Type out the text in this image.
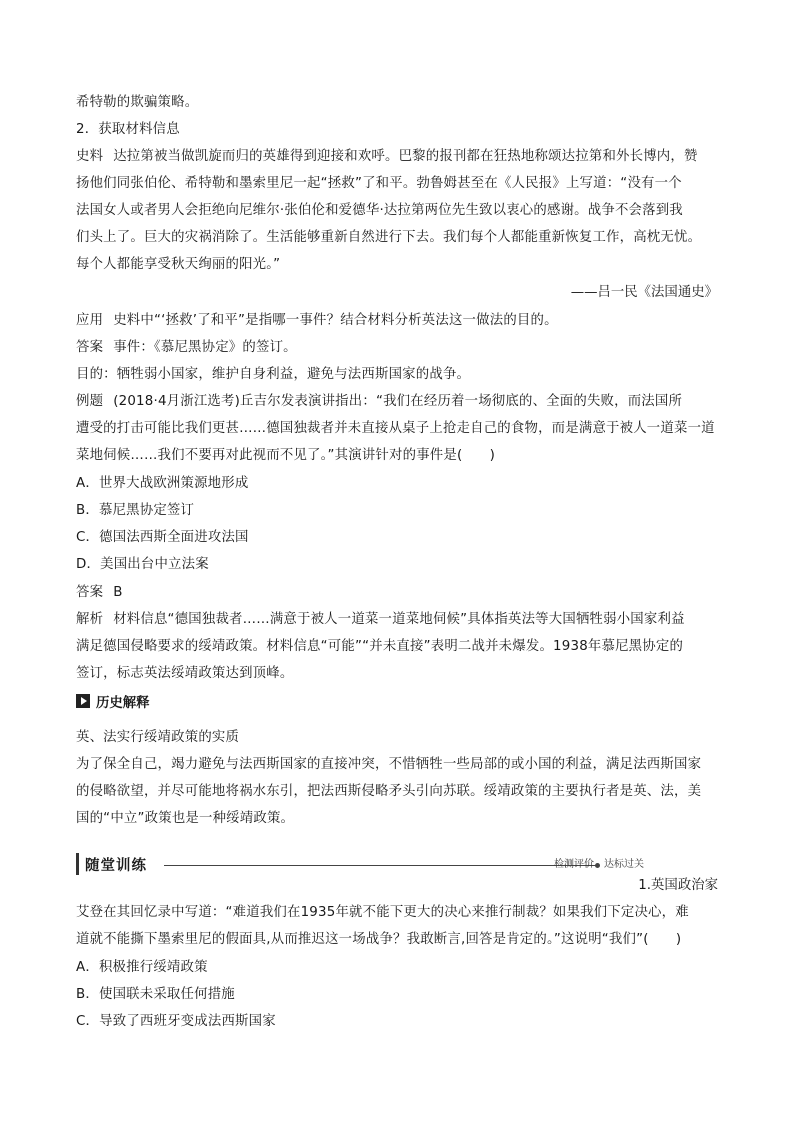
希特勒的欺骗策略。
2．获取材料信息
史料 达拉第被当做凯旋而归的英雄得到迎接和欢呼。巴黎的报刊都在狂热地称颂达拉第和外长博内，赞
扬他们同张伯伦、希特勒和墨索里尼一起“拯救”了和平。勃鲁姆甚至在《人民报》上写道：“没有一个
法国女人或者男人会拒绝向尼维尔·张伯伦和爱德华·达拉第两位先生致以衷心的感谢。战争不会落到我
们头上了。巨大的灾祸消除了。生活能够重新自然进行下去。我们每个人都能重新恢复工作，高枕无忧。
每个人都能享受秋天绚丽的阳光。”
——吕一民《法国通史》
应用 史料中“‘拯救’了和平”是指哪一事件？结合材料分析英法这一做法的目的。
答案 事件：《慕尼黑协定》的签订。
目的：牺牲弱小国家，维护自身利益，避免与法西斯国家的战争。
例题 (2018·4月浙江选考)丘吉尔发表演讲指出：“我们在经历着一场彻底的、全面的失败，而法国所
遭受的打击可能比我们更甚……德国独裁者并未直接从桌子上抢走自己的食物，而是满意于被人一道菜一道
菜地伺候……我们不要再对此视而不见了。”其演讲针对的事件是(　　)
A．世界大战欧洲策源地形成
B．慕尼黑协定签订
C．德国法西斯全面进攻法国
D．美国出台中立法案
答案 B
解析 材料信息“德国独裁者……满意于被人一道菜一道菜地伺候”具体指英法等大国牺牲弱小国家利益
满足德国侵略要求的绥靖政策。材料信息“可能”“并未直接”表明二战并未爆发。1938年慕尼黑协定的
签订，标志英法绥靖政策达到顶峰。
历史解释
英、法实行绥靖政策的实质
为了保全自己，竭力避免与法西斯国家的直接冲突，不惜牺牲一些局部的或小国的利益，满足法西斯国家
的侵略欲望，并尽可能地将祸水东引，把法西斯侵略矛头引向苏联。绥靖政策的主要执行者是英、法，美
国的“中立”政策也是一种绥靖政策。
随堂训练	检测评价　达标过关
1.英国政治家
艾登在其回忆录中写道：“难道我们在1935年就不能下更大的决心来推行制裁？如果我们下定决心，难
道就不能撕下墨索里尼的假面具,从而推迟这一场战争？我敢断言,回答是肯定的。”这说明“我们”(　　)
A．积极推行绥靖政策
B．使国联未采取任何措施
C．导致了西班牙变成法西斯国家
